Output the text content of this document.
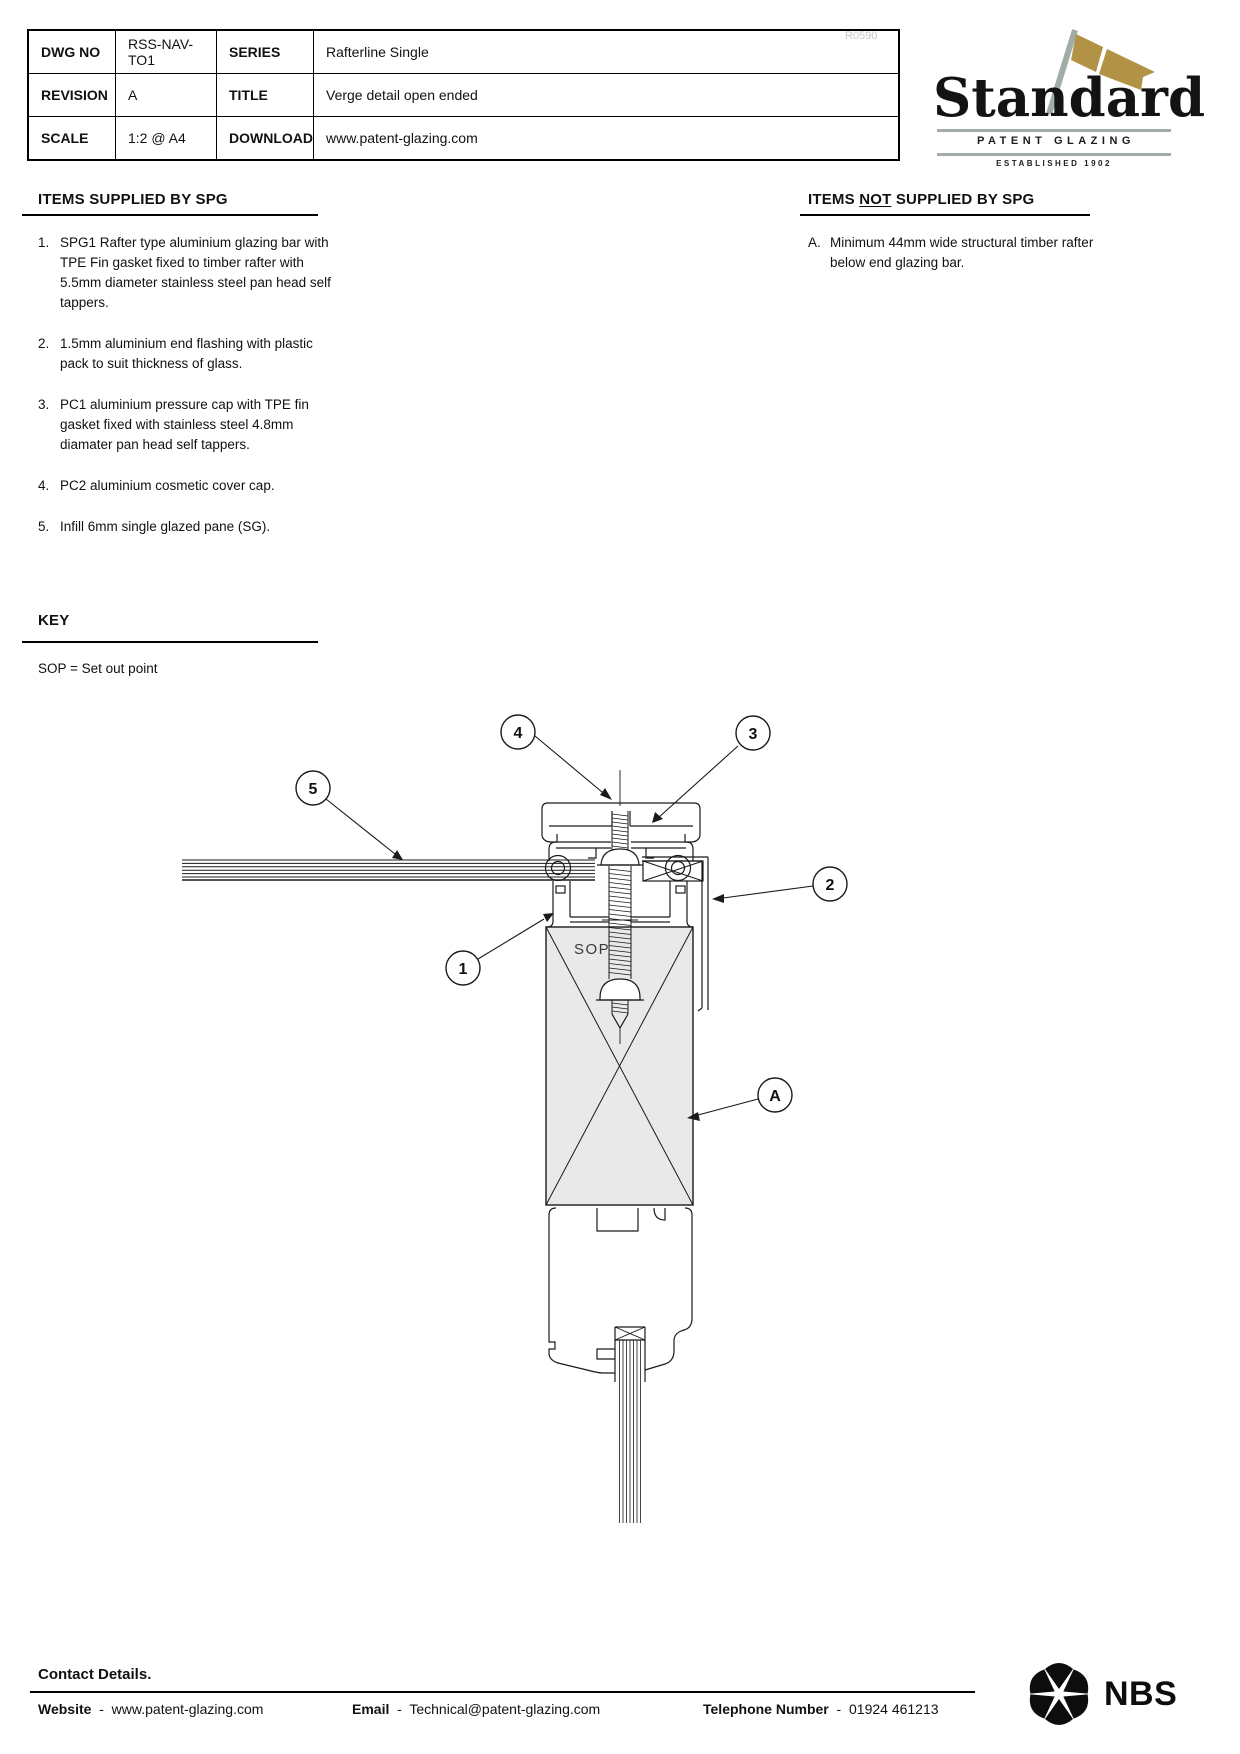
DWG NO	RSS-NAV-TO1	SERIES	Rafterline Single
REVISION	A	TITLE	Verge detail open ended
SCALE	1:2 @ A4	DOWNLOAD	www.patent-glazing.com
R0590
Standard
PATENT GLAZING
ESTABLISHED 1902
ITEMS SUPPLIED BY SPG
1. SPG1 Rafter type aluminium glazing bar with TPE Fin gasket fixed to timber rafter with 5.5mm diameter stainless steel pan head self tappers.
2. 1.5mm aluminium end flashing with plastic pack to suit thickness of glass.
3. PC1 aluminium pressure cap with TPE fin gasket fixed with stainless steel 4.8mm diamater pan head self tappers.
4. PC2 aluminium cosmetic cover cap.
5. Infill 6mm single glazed pane (SG).
ITEMS NOT SUPPLIED BY SPG
A. Minimum 44mm wide structural timber rafter below end glazing bar.
KEY
SOP = Set out point
SOP
4	3
5
2
1
A
Contact Details.
Website - www.patent-glazing.com	Email - Technical@patent-glazing.com	Telephone Number - 01924 461213	NBS
